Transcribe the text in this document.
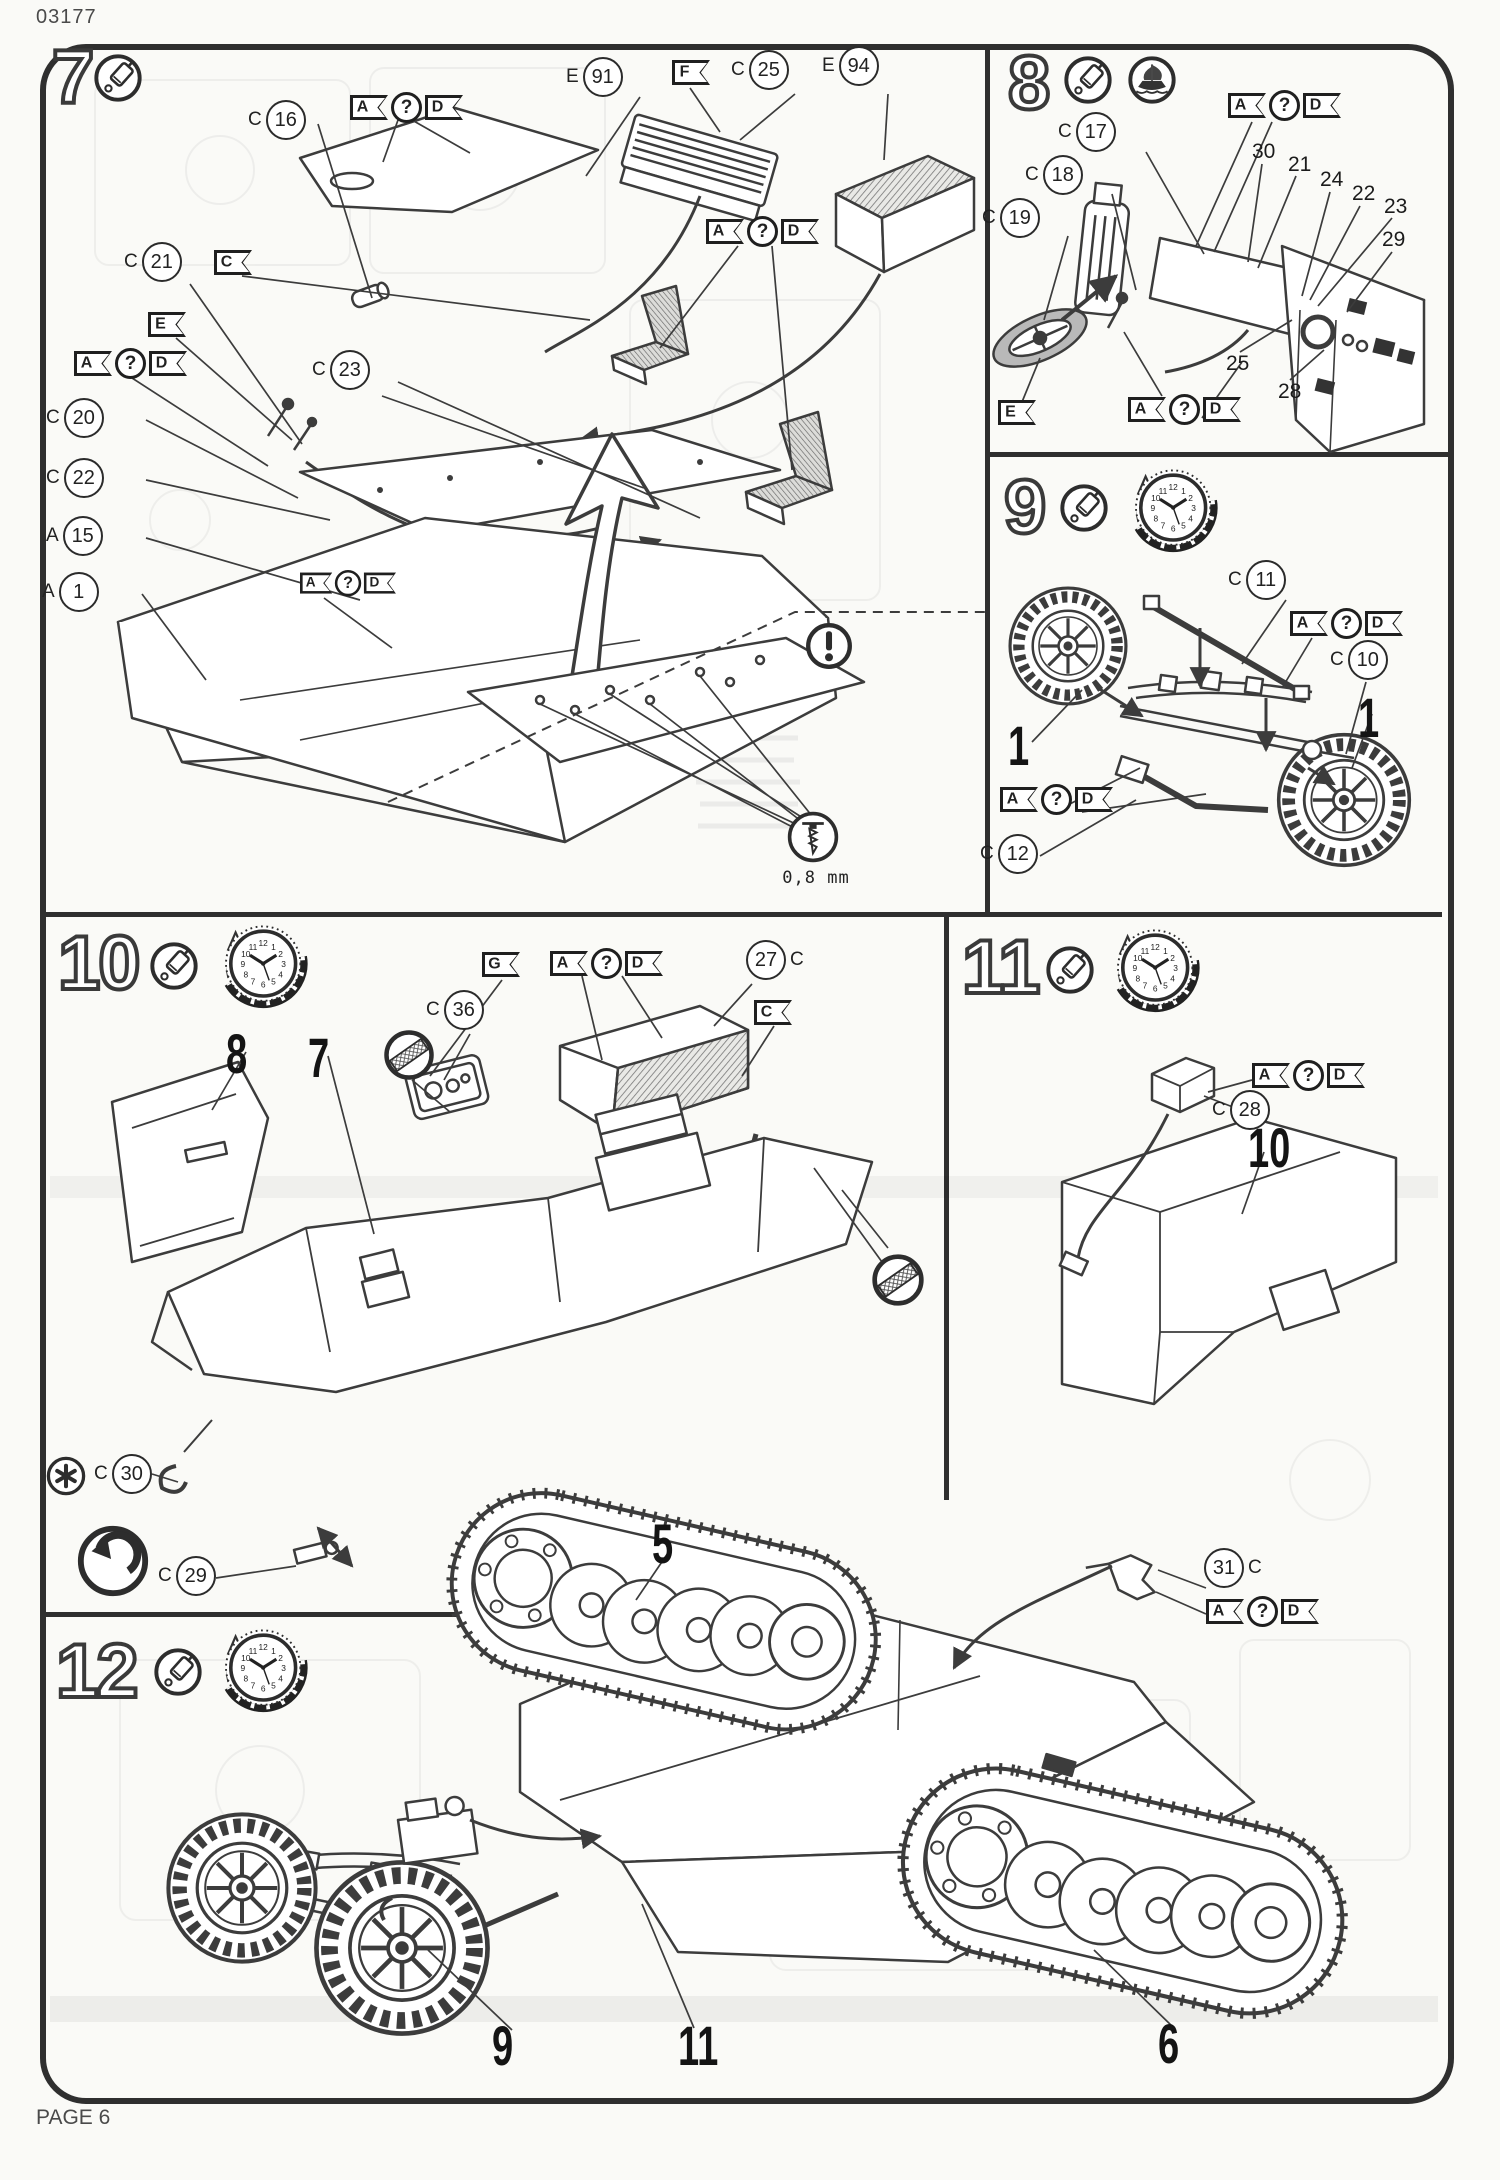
03177
PAGE 6
7	8
9
10	11
12
C 16
A	?	D
E 91	F C 25	E 94
A	?	D
C
C 21
E
A	?	D
C 20
C 22
A 15
A 1
C 23
A	?	D
0,8 mm
A	?	D
C 17
C 18
C 19
30
21
24
22
23
29
25
28
E	A	?	D
C 11
A	?	D
C 10
1	1
A	?	D
C 12
8 7
C 36
G	A	?	D	C
27
C
C 30
C 29
A	?	D
C 28
10
5	C
31
A	?	D
9	11	6
